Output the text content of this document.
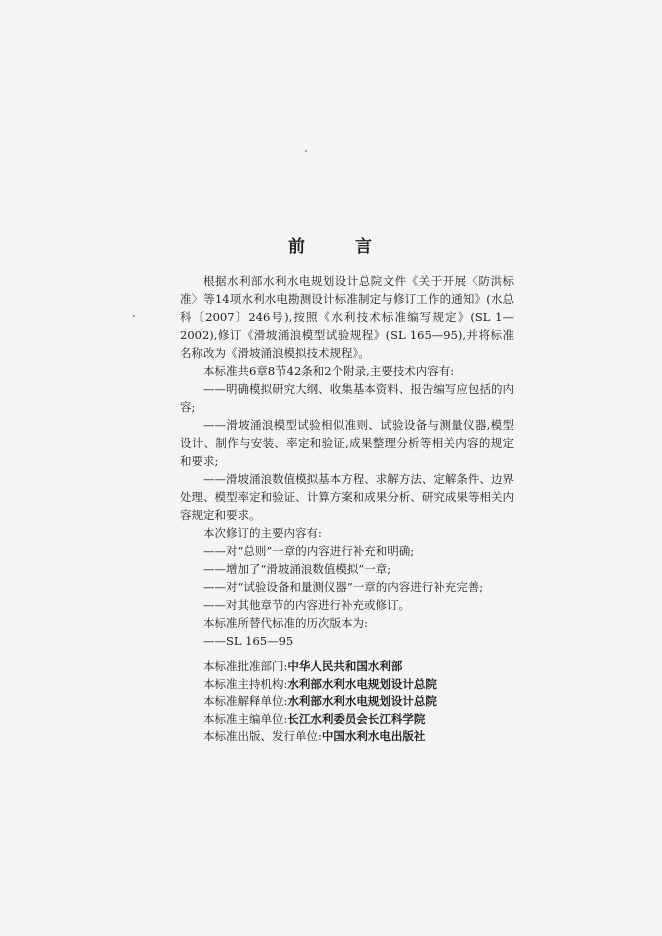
前 言

根据水利部水利水电规划设计总院文件《关于开展〈防洪标准〉等14项水利水电勘测设计标准制定与修订工作的通知》(水总科〔2007〕246号),按照《水利技术标准编写规定》(SL 1—2002),修订《滑坡涌浪模型试验规程》(SL 165—95),并将标准名称改为《滑坡涌浪模拟技术规程》。

本标准共6章8节42条和2个附录,主要技术内容有:

——明确模拟研究大纲、收集基本资料、报告编写应包括的内容;

——滑坡涌浪模型试验相似准则、试验设备与测量仪器,模型设计、制作与安装、率定和验证,成果整理分析等相关内容的规定和要求;

——滑坡涌浪数值模拟基本方程、求解方法、定解条件、边界处理、模型率定和验证、计算方案和成果分析、研究成果等相关内容规定和要求。

本次修订的主要内容有:

——对“总则”一章的内容进行补充和明确;

——增加了“滑坡涌浪数值模拟”一章;

——对“试验设备和量测仪器”一章的内容进行补充完善;

——对其他章节的内容进行补充或修订。

本标准所替代标准的历次版本为:

——SL 165—95

本标准批准部门:中华人民共和国水利部

本标准主持机构:水利部水利水电规划设计总院

本标准解释单位:水利部水利水电规划设计总院

本标准主编单位:长江水利委员会长江科学院

本标准出版、发行单位:中国水利水电出版社
